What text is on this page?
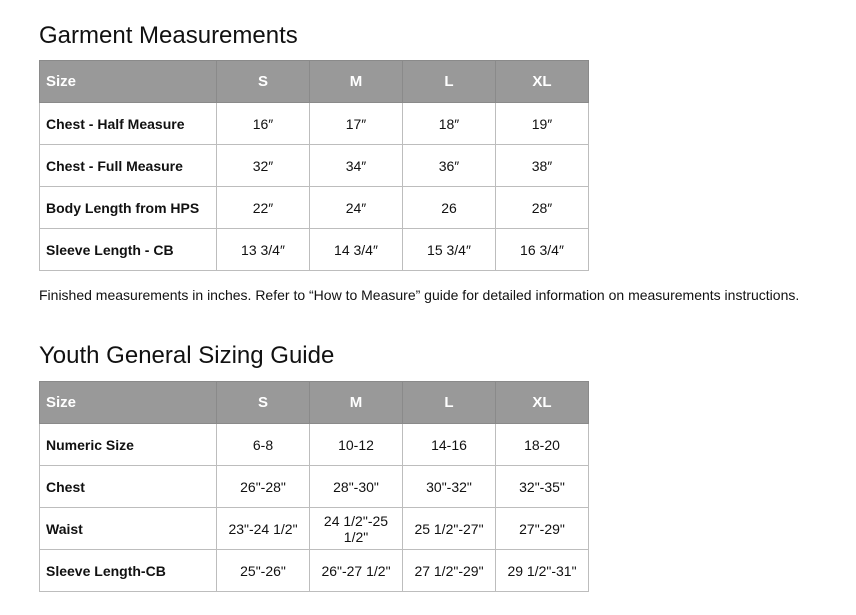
Garment Measurements
Size	S	M	L	XL
Chest - Half Measure	16″	17″	18″	19″
Chest - Full Measure	32″	34″	36″	38″
Body Length from HPS	22″	24″	26	28″
Sleeve Length - CB	13 3/4″	14 3/4″	15 3/4″	16 3/4″

Finished measurements in inches. Refer to “How to Measure” guide for detailed information on measurements instructions.

Youth General Sizing Guide
Size	S	M	L	XL
Numeric Size	6-8	10-12	14-16	18-20
Chest	26"-28"	28"-30"	30"-32"	32"-35"
Waist	23"-24 1/2"	24 1/2"-25 1/2"	25 1/2"-27"	27"-29"
Sleeve Length-CB	25"-26"	26"-27 1/2"	27 1/2"-29"	29 1/2"-31"
